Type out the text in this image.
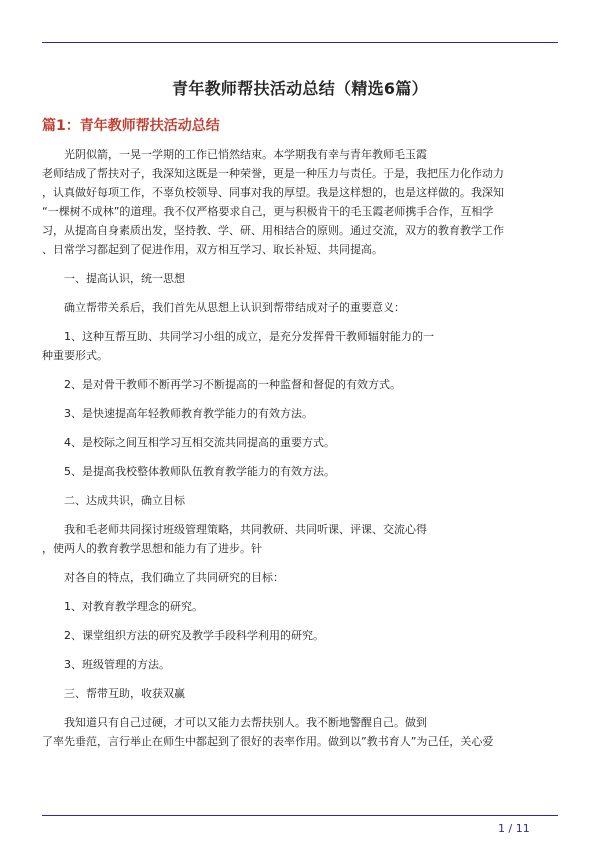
青年教师帮扶活动总结（精选6篇）
篇1：青年教师帮扶活动总结
光阴似箭，一晃一学期的工作已悄然结束。本学期我有幸与青年教师毛玉霞
老师结成了帮扶对子，我深知这既是一种荣誉，更是一种压力与责任。于是，我把压力化作动力
，认真做好每项工作，不辜负校领导、同事对我的厚望。我是这样想的，也是这样做的。我深知
“一棵树不成林”的道理。我不仅严格要求自己，更与积极肯干的毛玉霞老师携手合作，互相学
习，从提高自身素质出发，坚持教、学、研、用相结合的原则。通过交流，双方的教育教学工作
、日常学习都起到了促进作用，双方相互学习、取长补短、共同提高。
一、提高认识，统一思想
确立帮带关系后，我们首先从思想上认识到帮带结成对子的重要意义：
1、这种互帮互助、共同学习小组的成立，是充分发挥骨干教师辐射能力的一
种重要形式。
2、是对骨干教师不断再学习不断提高的一种监督和督促的有效方式。
3、是快速提高年轻教师教育教学能力的有效方法。
4、是校际之间互相学习互相交流共同提高的重要方式。
5、是提高我校整体教师队伍教育教学能力的有效方法。
二、达成共识，确立目标
我和毛老师共同探讨班级管理策略，共同教研、共同听课、评课、交流心得
，使两人的教育教学思想和能力有了进步。针
对各自的特点，我们确立了共同研究的目标：
1、对教育教学理念的研究。
2、课堂组织方法的研究及教学手段科学利用的研究。
3、班级管理的方法。
三、帮带互助，收获双赢
我知道只有自己过硬，才可以又能力去帮扶别人。我不断地警醒自己。做到
了率先垂范，言行举止在师生中都起到了很好的表率作用。做到以”教书育人”为己任，关心爱
1 / 11
